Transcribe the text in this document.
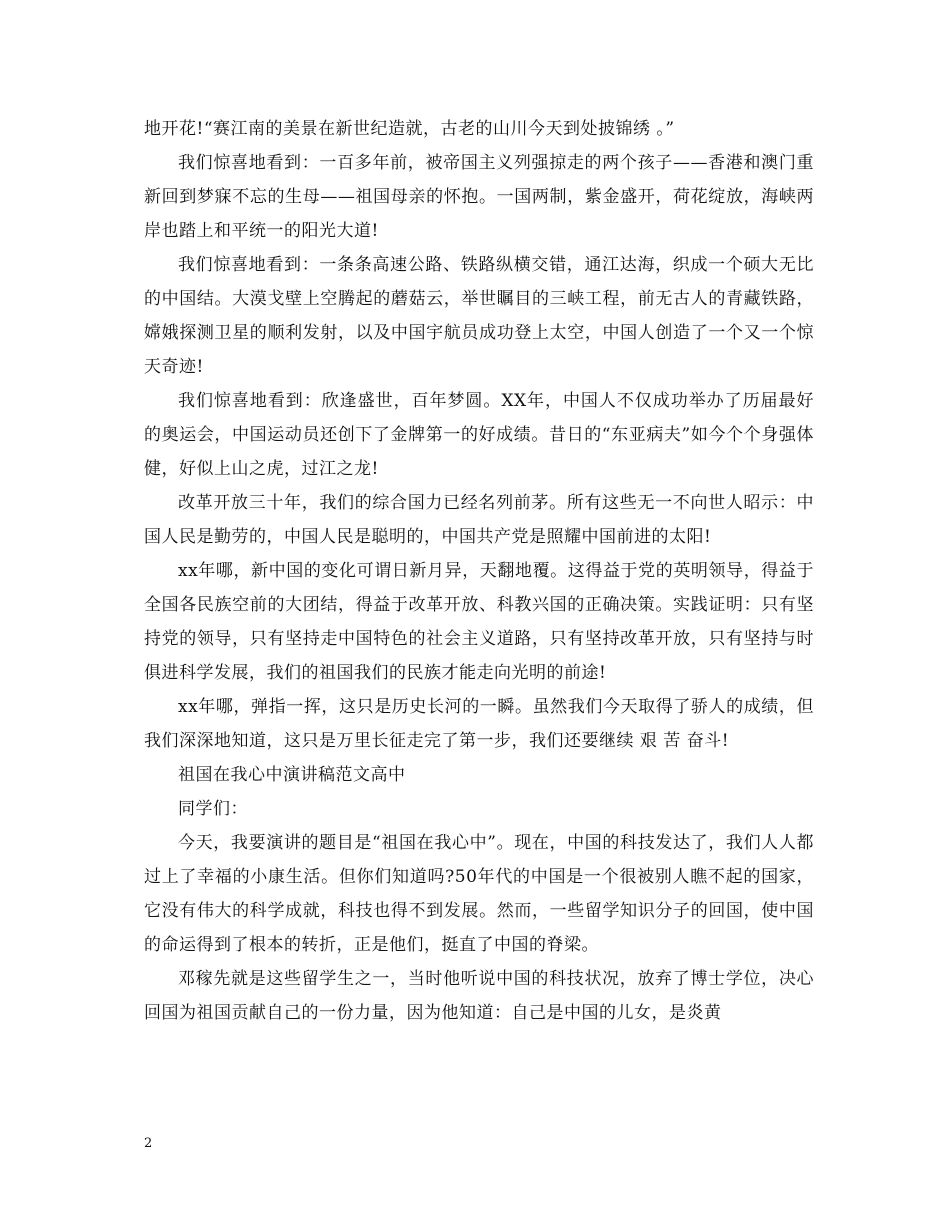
地开花!“赛江南的美景在新世纪造就，古老的山川今天到处披锦绣 。”

我们惊喜地看到：一百多年前，被帝国主义列强掠走的两个孩子——香港和澳门重新回到梦寐不忘的生母——祖国母亲的怀抱。一国两制，紫金盛开，荷花绽放，海峡两岸也踏上和平统一的阳光大道!

我们惊喜地看到：一条条高速公路、铁路纵横交错，通江达海，织成一个硕大无比的中国结。大漠戈壁上空腾起的蘑菇云，举世瞩目的三峡工程，前无古人的青藏铁路，嫦娥探测卫星的顺利发射，以及中国宇航员成功登上太空，中国人创造了一个又一个惊天奇迹!

我们惊喜地看到：欣逢盛世，百年梦圆。XX年，中国人不仅成功举办了历届最好的奥运会，中国运动员还创下了金牌第一的好成绩。昔日的“东亚病夫”如今个个身强体健，好似上山之虎，过江之龙!

改革开放三十年，我们的综合国力已经名列前茅。所有这些无一不向世人昭示：中国人民是勤劳的，中国人民是聪明的，中国共产党是照耀中国前进的太阳!

xx年哪，新中国的变化可谓日新月异，天翻地覆。这得益于党的英明领导，得益于全国各民族空前的大团结，得益于改革开放、科教兴国的正确决策。实践证明：只有坚持党的领导，只有坚持走中国特色的社会主义道路，只有坚持改革开放，只有坚持与时俱进科学发展，我们的祖国我们的民族才能走向光明的前途!

xx年哪，弹指一挥，这只是历史长河的一瞬。虽然我们今天取得了骄人的成绩，但我们深深地知道，这只是万里长征走完了第一步，我们还要继续 艰 苦 奋斗!

祖国在我心中演讲稿范文高中

同学们：

今天，我要演讲的题目是“祖国在我心中”。现在，中国的科技发达了，我们人人都过上了幸福的小康生活。但你们知道吗?50年代的中国是一个很被别人瞧不起的国家，它没有伟大的科学成就，科技也得不到发展。然而，一些留学知识分子的回国，使中国的命运得到了根本的转折，正是他们，挺直了中国的脊梁。

邓稼先就是这些留学生之一，当时他听说中国的科技状况，放弃了博士学位，决心回国为祖国贡献自己的一份力量，因为他知道：自己是中国的儿女，是炎黄

2
